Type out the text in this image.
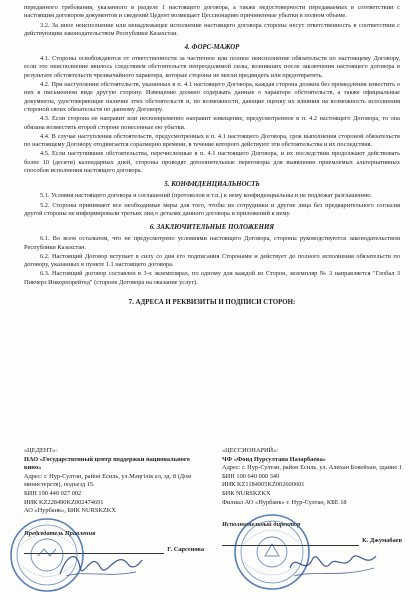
переданного требования, указанного в разделе 1 настоящего договора, а также недостоверности передаваемых в соответствии с настоящим договором документов и сведений Цедент возмещает Цессионарию причиненные убытки в полном объеме.

3.2. За иное неисполнение или ненадлежащее исполнение настоящего договора стороны несут ответственность в соответствии с действующим законодательством Республики Казахстан.

4. ФОРС-МАЖОР

4.1. Стороны освобождаются от ответственности за частичное или полное неисполнение обязательств по настоящему Договору, если это неисполнение явилось следствием обстоятельств непреодолимой силы, возникших после заключения настоящего договора в результате обстоятельств чрезвычайного характера, которые стороны не могли предвидеть или предотвратить.

4.2. При наступлении обстоятельств, указанных в п. 4.1 настоящего Договора, каждая сторона должна без промедления известить о них в письменном виде другую сторону. Извещение должно содержать данные о характере обстоятельств, а также официальные документы, удостоверяющие наличие этих обстоятельств и, по возможности, дающие оценку их влияния на возможность исполнения стороной своих обязательств по данному Договору.

4.3. Если сторона не направит или несвоевременно направит извещение, предусмотренное в п. 4.2 настоящего Договора, то она обязана возместить второй стороне понесенные ею убытки.

4.4. В случае наступления обстоятельств, предусмотренных в п. 4.1 настоящего Договора, срок выполнения стороной обязательств по настоящему Договору отодвигается соразмерно времени, в течение которого действуют эти обстоятельства и их последствия.

4.5. Если наступившие обстоятельства, перечисленные в п. 4.1 настоящего Договора, и их последствия продолжают действовать более 10 (десяти) календарных дней, стороны проводят дополнительные переговоры для выявления приемлемых альтернативных способов исполнения настоящего договора.

5. КОНФИДЕНЦИАЛЬНОСТЬ

5.1. Условия настоящего договора и соглашений (протоколов и т.п.) к нему конфиденциальны и не подлежат разглашению.

5.2. Стороны принимают все необходимые меры для того, чтобы их сотрудники и другие лица без предварительного согласия другой стороны не информировали третьих лиц о деталях данного договора и приложений к нему.

6. ЗАКЛЮЧИТЕЛЬНЫЕ ПОЛОЖЕНИЯ

6.1. Во всем остальном, что не предусмотрено условиями настоящего Договора, стороны руководствуются законодательством Республики Казахстан.

6.2. Настоящий Договор вступает в силу со дня его подписания Сторонами и действует до полного исполнения обязательств по договору, указанных в пункте 1.1 настоящего договора.

6.3. Настоящий договор составлен в 3-х экземплярах, по одному для каждой из Сторон, экземпляр № 3 направляется "Глобал 3 Пикчерз Инкорпорейтед" (стороне Договора на оказание услуг).

7. АДРЕСА И РЕКВИЗИТЫ И ПОДПИСИ СТОРОН:
«ЦЕДЕНТ»:
НАО «Государственный центр поддержки национального кино»
Адрес: г. Нур-Султан, район Есиль, ул.Мәңгілік ел, зд. 8 (Дом министерств), подъезд 15.
БИН 190 440 027 002
ИИК KZ228490KZ002474691
АО «Нурбанк», БИК NURSKZKX
Председатель Правления
Г. Сарсенова
«ЦЕССИОНАРИЙ»:
ЧФ «Фонд Нурсултана Назарбаева»
Адрес: г. Нур-Султан, район Есиль, ул. Алихан Бокейхан, здание 1
БИН 100 640 000 349
ИИК KZ1184905KZ002600601
БИК NURSKZKX
Филиал АО «Нурбанк» г. Нур-Султан, КБЕ 18
Исполнительный директор
К. Джумабаев
